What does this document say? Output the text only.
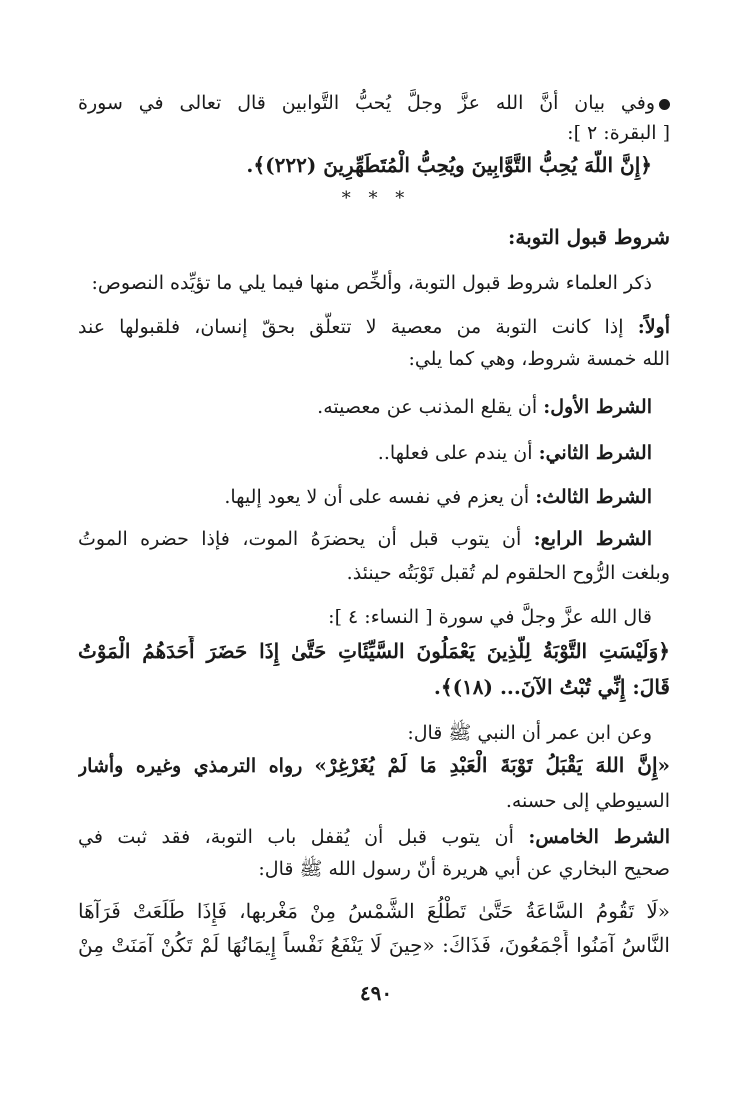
وفي بيان أنَّ الله عزَّ وجلَّ يُحبُّ التَّوابين قال تعالى في سورة
[ البقرة: ٢ ]:
﴿إِنَّ اللَّهَ يُحِبُّ التَّوَّابِينَ ويُحِبُّ الْمُتَطَهِّرِينَ (٢٢٢)﴾.
* * *
شروط قبول التوبة:
ذكر العلماء شروط قبول التوبة، وألخِّص منها فيما يلي ما تؤيِّده النصوص:
أولاً: إذا كانت التوبة من معصية لا تتعلَّق بحقّ إنسان، فلقبولها عند
الله خمسة شروط، وهي كما يلي:
الشرط الأول: أن يقلع المذنب عن معصيته.
الشرط الثاني: أن يندم على فعلها..
الشرط الثالث: أن يعزم في نفسه على أن لا يعود إليها.
الشرط الرابع: أن يتوب قبل أن يحضرَهُ الموت، فإذا حضره الموتُ
وبلغت الرُّوح الحلقوم لم تُقبل تَوْبَتُه حينئذ.
قال الله عزَّ وجلَّ في سورة [ النساء: ٤ ]:
﴿وَلَيْسَتِ التَّوْبَةُ لِلَّذِينَ يَعْمَلُونَ السَّيِّئَاتِ حَتَّىٰ إِذَا حَضَرَ أَحَدَهُمُ الْمَوْتُ
قَالَ: إِنِّي تُبْتُ الآنَ... (١٨)﴾.
وعن ابن عمر أن النبي ﷺ قال:
«إِنَّ اللهَ يَقْبَلُ تَوْبَةَ الْعَبْدِ مَا لَمْ يُغَرْغِرْ» رواه الترمذي وغيره وأشار
السيوطي إلى حسنه.
الشرط الخامس: أن يتوب قبل أن يُقفل باب التوبة، فقد ثبت في
صحيح البخاري عن أبي هريرة أنّ رسول الله ﷺ قال:
«لَا تَقُومُ السَّاعَةُ حَتَّىٰ تَطْلُعَ الشَّمْسُ مِنْ مَغْربها، فَإِذَا طَلَعَتْ فَرَآهَا
النَّاسُ آمَنُوا أَجْمَعُونَ، فَذَاكَ: «حِينَ لَا يَنْفَعُ نَفْساً إِيمَانُهَا لَمْ تَكُنْ آمَنَتْ مِنْ
٤٩٠
